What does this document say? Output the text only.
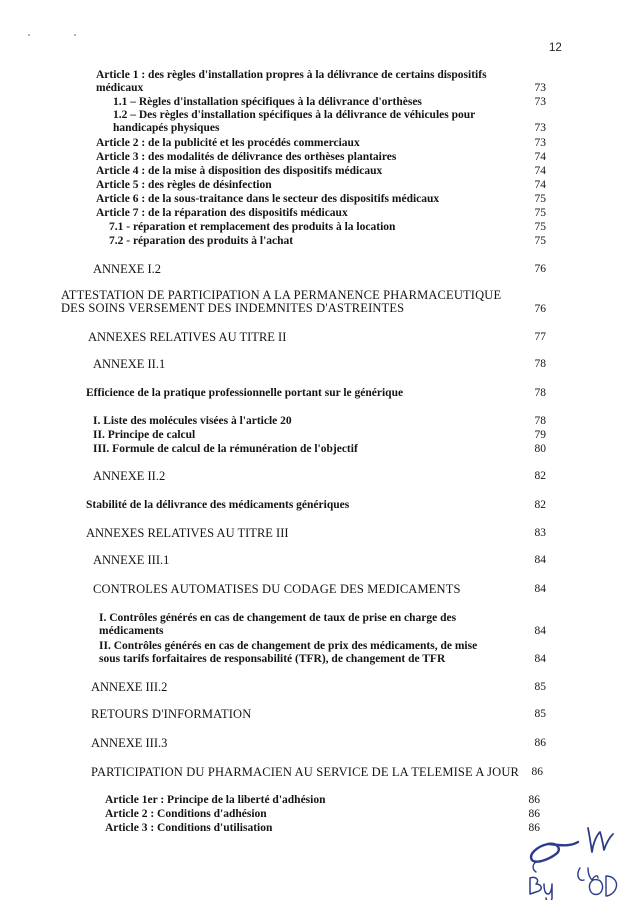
12
Article 1 : des règles d'installation propres à la délivrance de certains dispositifs
médicaux	73
1.1 – Règles d'installation spécifiques à la délivrance d'orthèses	73
1.2 – Des règles d'installation spécifiques à la délivrance de véhicules pour
handicapés physiques	73
Article 2 : de la publicité et les procédés commerciaux	73
Article 3 : des modalités de délivrance des orthèses plantaires	74
Article 4 : de la mise à disposition des dispositifs médicaux	74
Article 5 : des règles de désinfection	74
Article 6 : de la sous-traitance dans le secteur des dispositifs médicaux	75
Article 7 : de la réparation des dispositifs médicaux	75
7.1 - réparation et remplacement des produits à la location	75
7.2 - réparation des produits à l'achat	75
ANNEXE I.2	76
ATTESTATION DE PARTICIPATION A LA PERMANENCE PHARMACEUTIQUE
DES SOINS VERSEMENT DES INDEMNITES D'ASTREINTES	76
ANNEXES RELATIVES AU TITRE II	77
ANNEXE II.1	78
Efficience de la pratique professionnelle portant sur le générique	78
I. Liste des molécules visées à l'article 20	78
II. Principe de calcul	79
III. Formule de calcul de la rémunération de l'objectif	80
ANNEXE II.2	82
Stabilité de la délivrance des médicaments génériques	82
ANNEXES RELATIVES AU TITRE III	83
ANNEXE III.1	84
CONTROLES AUTOMATISES DU CODAGE DES MEDICAMENTS	84
I. Contrôles générés en cas de changement de taux de prise en charge des
médicaments	84
II. Contrôles générés en cas de changement de prix des médicaments, de mise
sous tarifs forfaitaires de responsabilité (TFR), de changement de TFR	84
ANNEXE III.2	85
RETOURS D'INFORMATION	85
ANNEXE III.3	86
PARTICIPATION DU PHARMACIEN AU SERVICE DE LA TELEMISE A JOUR	86
Article 1er : Principe de la liberté d'adhésion	86
Article 2 : Conditions d'adhésion	86
Article 3 : Conditions d'utilisation	86
